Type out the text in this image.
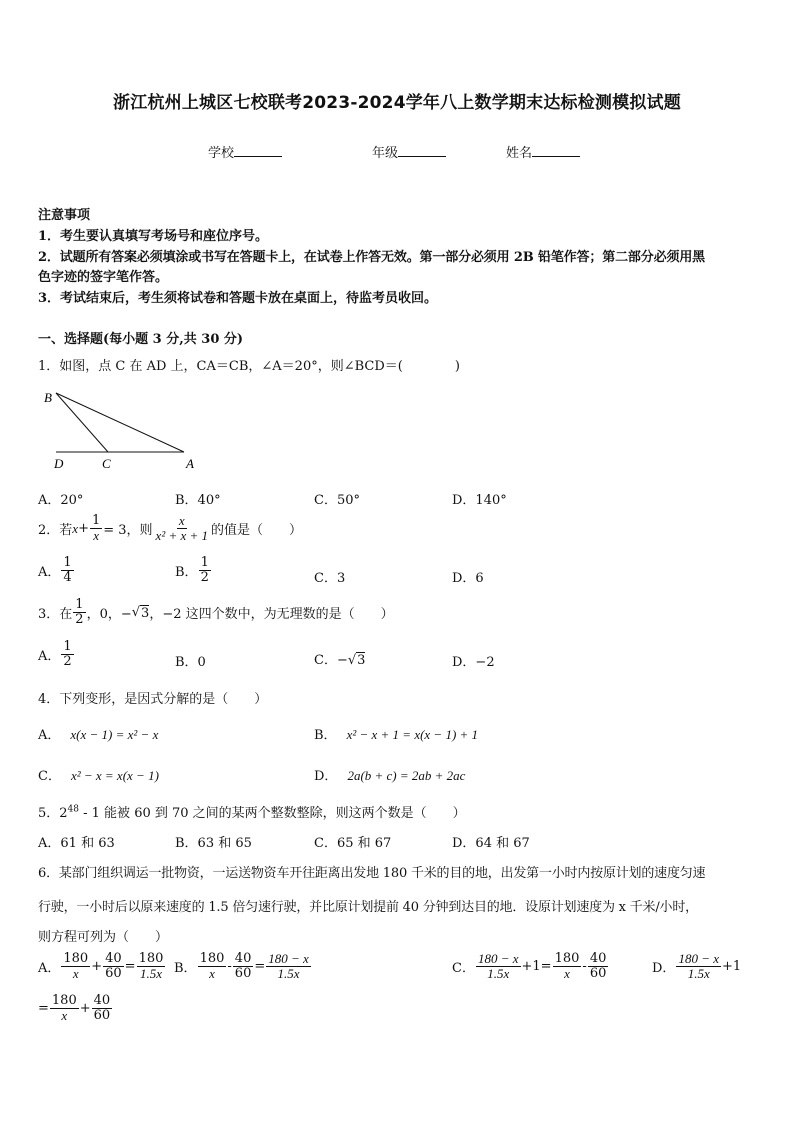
浙江杭州上城区七校联考2023-2024学年八上数学期末达标检测模拟试题
学校	年级	姓名
注意事项
1．考生要认真填写考场号和座位序号。
2．试题所有答案必须填涂或书写在答题卡上，在试卷上作答无效。第一部分必须用 2B 铅笔作答；第二部分必须用黑
色字迹的签字笔作答。
3．考试结束后，考生须将试卷和答题卡放在桌面上，待监考员收回。
一、选择题(每小题 3 分,共 30 分)
1．如图，点 C 在 AD 上，CA＝CB，∠A＝20°，则∠BCD＝(　　　　)
B
D	C	A
A．20°	B．40°	C．50°	D．140°
2．若 $x + \frac{1}{x} = 3$，则 $\frac{x}{\text{x² + x + 1}}$ 的值是（　　）
A． $\frac{1}{4}$	B． $\frac{1}{2}$	C．3	D．6
3．在 $\frac{1}{2}$ ，0，− √ 3 ，−2 这四个数中，为无理数的是（　　）
A． $\frac{1}{2}$	B．0	C．−√3	D．−2
4．下列变形，是因式分解的是（　　）
A． x(x − 1) = x² − x	B． x² − x + 1 = x(x − 1) + 1
C． x² − x = x(x − 1)	D． 2a(b + c) = 2ab + 2ac
5．$2^{48} - 1$ 能被 60 到 70 之间的某两个整数整除，则这两个数是（　　）
A．61 和 63	B．63 和 65	C．65 和 67	D．64 和 67
6．某部门组织调运一批物资，一运送物资车开往距离出发地 180 千米的目的地，出发第一小时内按原计划的速度匀速
行驶，一小时后以原来速度的 1.5 倍匀速行驶，并比原计划提前 40 分钟到达目的地．设原计划速度为 x 千米/小时，
则方程可列为（　　）
A． $\frac{180}{x} + \frac{40}{60} = \frac{180}{1.5x}$ B． $\frac{180}{x} - \frac{40}{60} = \frac{180 - x}{1.5x}$	C． $\frac{180 - x}{1.5x} +1 = \frac{180}{x} - \frac{40}{60}$	D． $\frac{180 - x}{1.5x} +1$
= $\frac{180}{x} + \frac{40}{60}$
